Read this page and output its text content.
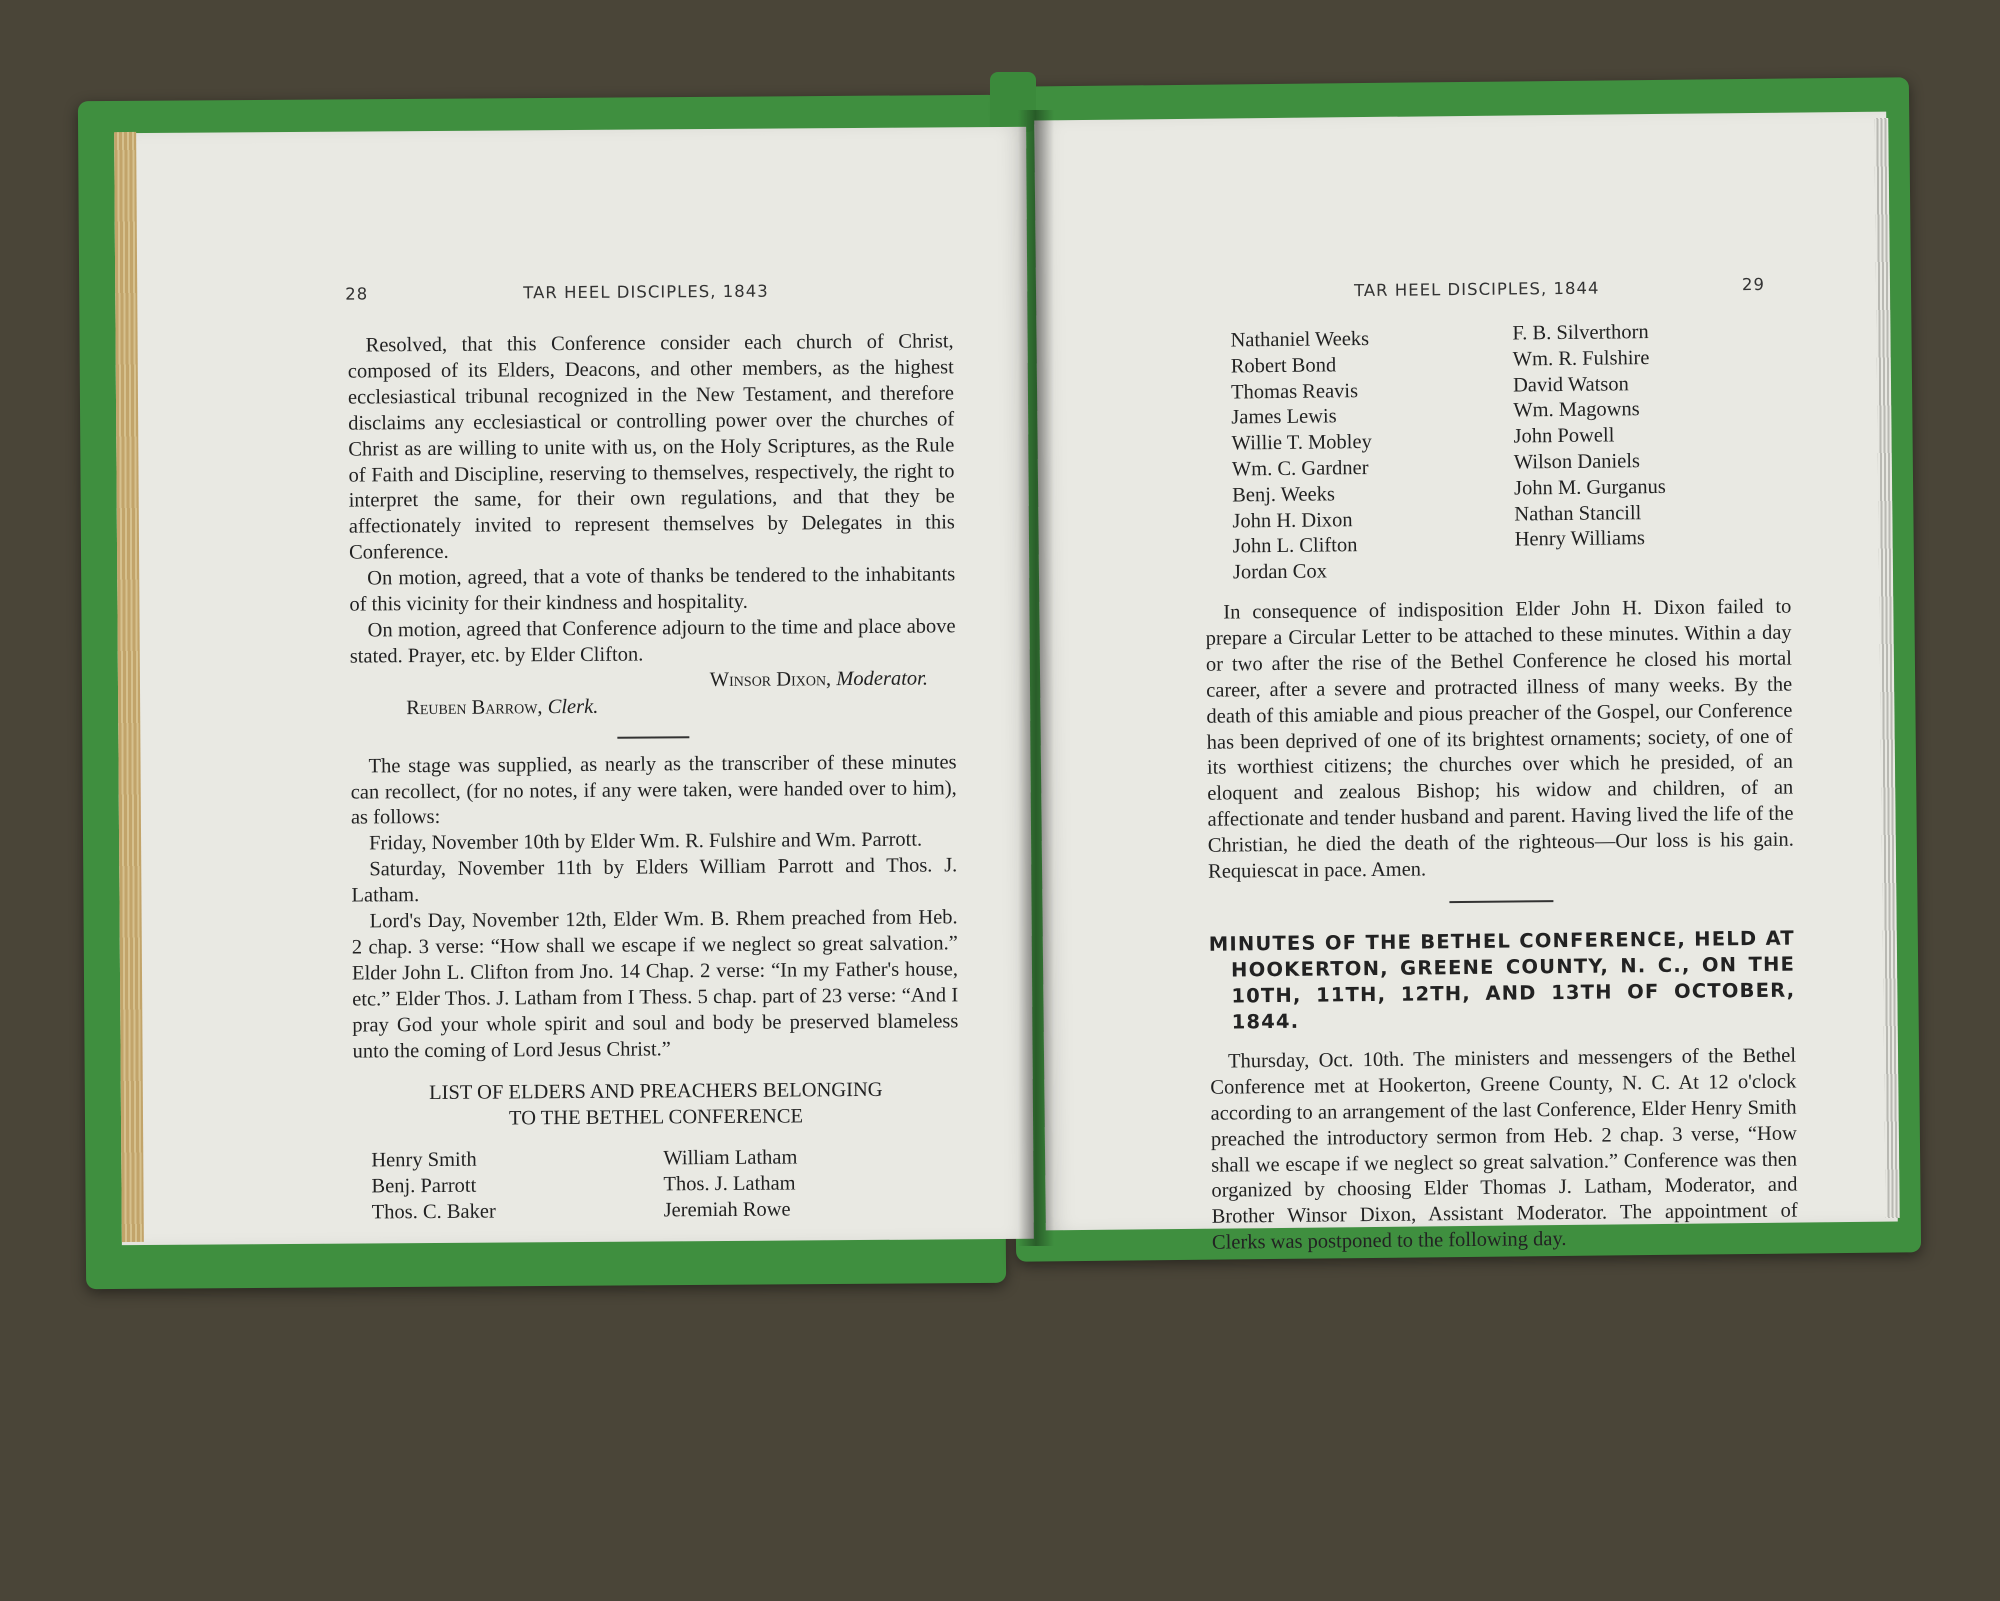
28	TAR HEEL DISCIPLES, 1843

Resolved, that this Conference consider each church of Christ, composed of its Elders, Deacons, and other members, as the highest ecclesiastical tribunal recognized in the New Testament, and therefore disclaims any ecclesiastical or controlling power over the churches of Christ as are willing to unite with us, on the Holy Scriptures, as the Rule of Faith and Discipline, reserving to themselves, respectively, the right to interpret the same, for their own regulations, and that they be affectionately invited to represent themselves by Delegates in this Conference.

On motion, agreed, that a vote of thanks be tendered to the inhabitants of this vicinity for their kindness and hospitality.

On motion, agreed that Conference adjourn to the time and place above stated. Prayer, etc. by Elder Clifton.

Winsor Dixon, Moderator.
Reuben Barrow, Clerk.

The stage was supplied, as nearly as the transcriber of these minutes can recollect, (for no notes, if any were taken, were handed over to him), as follows:

Friday, November 10th by Elder Wm. R. Fulshire and Wm. Parrott.

Saturday, November 11th by Elders William Parrott and Thos. J. Latham.

Lord's Day, November 12th, Elder Wm. B. Rhem preached from Heb. 2 chap. 3 verse: “How shall we escape if we neglect so great salvation.” Elder John L. Clifton from Jno. 14 Chap. 2 verse: “In my Father's house, etc.” Elder Thos. J. Latham from I Thess. 5 chap. part of 23 verse: “And I pray God your whole spirit and soul and body be preserved blameless unto the coming of Lord Jesus Christ.”

LIST OF ELDERS AND PREACHERS BELONGING
TO THE BETHEL CONFERENCE
Henry Smith
Benj. Parrott
Thos. C. Baker
William Latham
Thos. J. Latham
Jeremiah Rowe
TAR HEEL DISCIPLES, 1844	29
Nathaniel Weeks
Robert Bond
Thomas Reavis
James Lewis
Willie T. Mobley
Wm. C. Gardner
Benj. Weeks
John H. Dixon
John L. Clifton
Jordan Cox
F. B. Silverthorn
Wm. R. Fulshire
David Watson
Wm. Magowns
John Powell
Wilson Daniels
John M. Gurganus
Nathan Stancill
Henry Williams

In consequence of indisposition Elder John H. Dixon failed to prepare a Circular Letter to be attached to these minutes. Within a day or two after the rise of the Bethel Conference he closed his mortal career, after a severe and protracted illness of many weeks. By the death of this amiable and pious preacher of the Gospel, our Conference has been deprived of one of its brightest ornaments; society, of one of its worthiest citizens; the churches over which he presided, of an eloquent and zealous Bishop; his widow and children, of an affectionate and tender husband and parent. Having lived the life of the Christian, he died the death of the righteous—Our loss is his gain. Requiescat in pace. Amen.

MINUTES OF THE BETHEL CONFERENCE, HELD AT HOOKERTON, GREENE COUNTY, N. C., ON THE 10TH, 11TH, 12TH, AND 13TH OF OCTOBER, 1844.

Thursday, Oct. 10th. The ministers and messengers of the Bethel Conference met at Hookerton, Greene County, N. C. At 12 o'clock according to an arrangement of the last Conference, Elder Henry Smith preached the introductory sermon from Heb. 2 chap. 3 verse, “How shall we escape if we neglect so great salvation.” Conference was then organized by choosing Elder Thomas J. Latham, Moderator, and Brother Winsor Dixon, Assistant Moderator. The appointment of Clerks was postponed to the following day.
